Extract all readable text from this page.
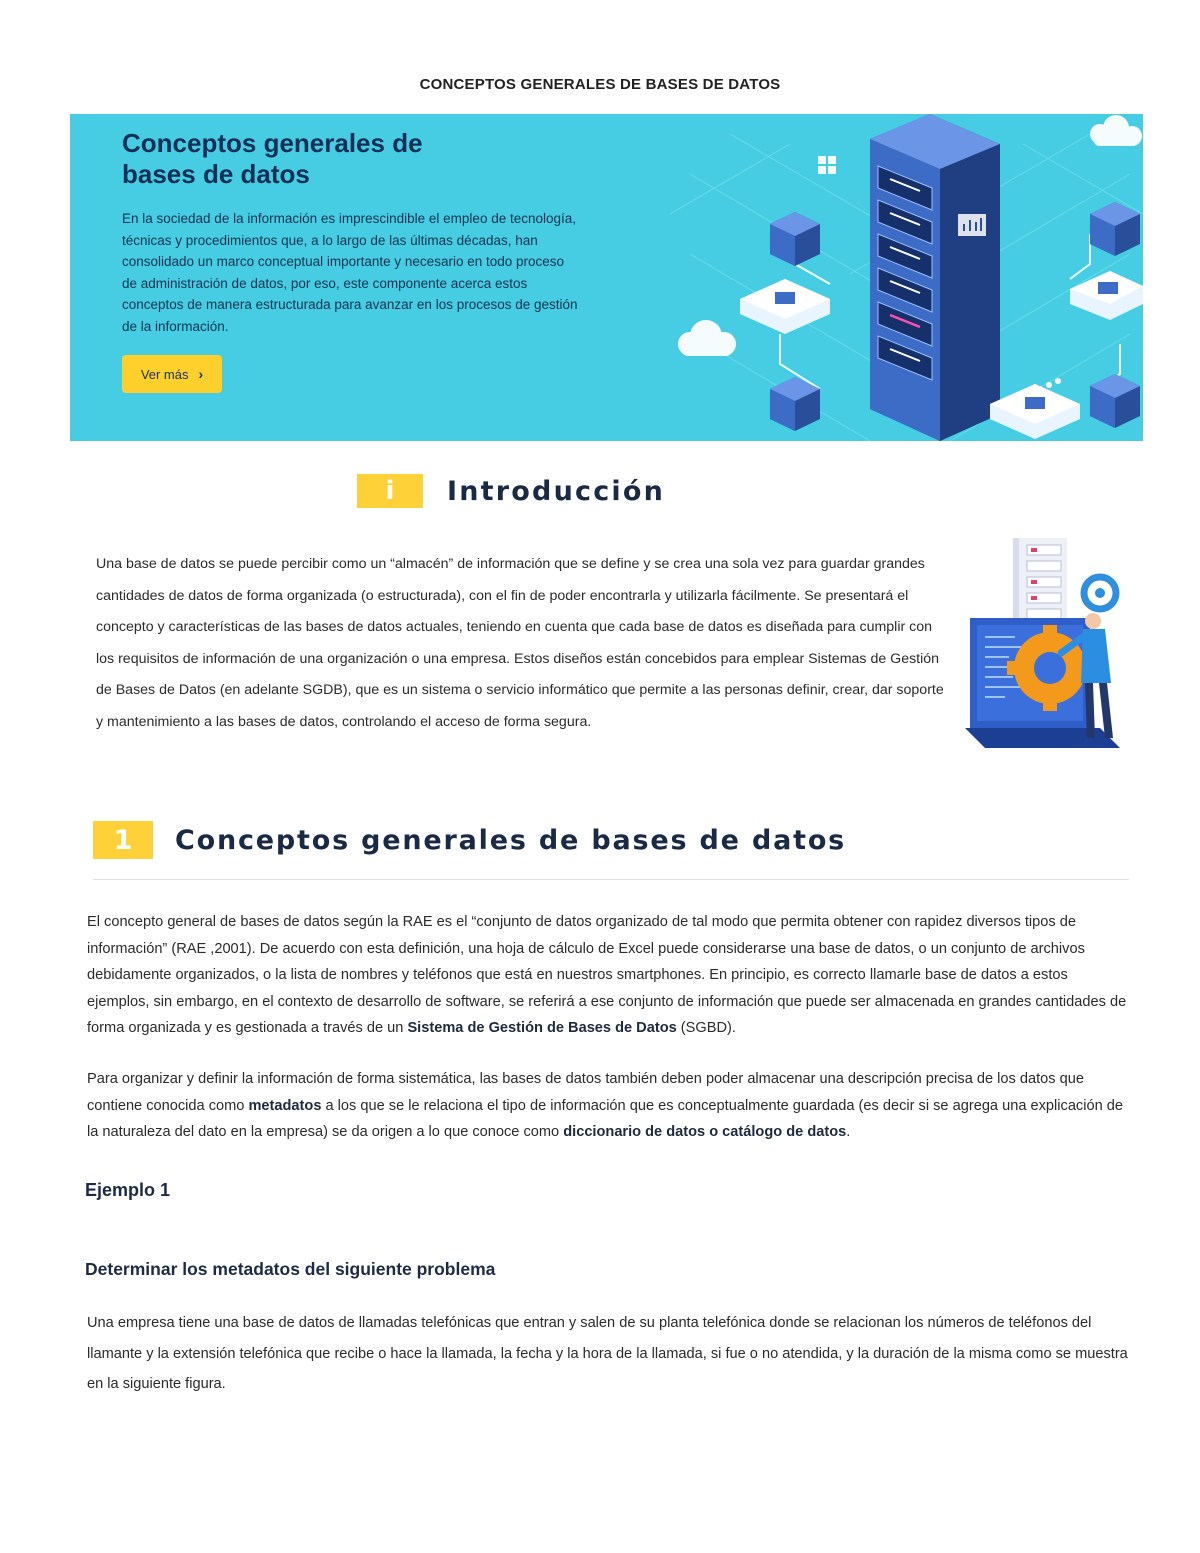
CONCEPTOS GENERALES DE BASES DE DATOS
Conceptos generales de
bases de datos
En la sociedad de la información es imprescindible el empleo de tecnología, técnicas y procedimientos que, a lo largo de las últimas décadas, han consolidado un marco conceptual importante y necesario en todo proceso de administración de datos, por eso, este componente acerca estos conceptos de manera estructurada para avanzar en los procesos de gestión de la información.
Ver más ›
i	Introducción
Una base de datos se puede percibir como un “almacén” de información que se define y se crea una sola vez para guardar grandes cantidades de datos de forma organizada (o estructurada), con el fin de poder encontrarla y utilizarla fácilmente. Se presentará el concepto y características de las bases de datos actuales, teniendo en cuenta que cada base de datos es diseñada para cumplir con los requisitos de información de una organización o una empresa. Estos diseños están concebidos para emplear Sistemas de Gestión de Bases de Datos (en adelante SGDB), que es un sistema o servicio informático que permite a las personas definir, crear, dar soporte y mantenimiento a las bases de datos, controlando el acceso de forma segura.
1	Conceptos generales de bases de datos
El concepto general de bases de datos según la RAE es el “conjunto de datos organizado de tal modo que permita obtener con rapidez diversos tipos de información” (RAE ,2001). De acuerdo con esta definición, una hoja de cálculo de Excel puede considerarse una base de datos, o un conjunto de archivos debidamente organizados, o la lista de nombres y teléfonos que está en nuestros smartphones. En principio, es correcto llamarle base de datos a estos ejemplos, sin embargo, en el contexto de desarrollo de software, se referirá a ese conjunto de información que puede ser almacenada en grandes cantidades de forma organizada y es gestionada a través de un Sistema de Gestión de Bases de Datos (SGBD).
Para organizar y definir la información de forma sistemática, las bases de datos también deben poder almacenar una descripción precisa de los datos que contiene conocida como metadatos a los que se le relaciona el tipo de información que es conceptualmente guardada (es decir si se agrega una explicación de la naturaleza del dato en la empresa) se da origen a lo que conoce como diccionario de datos o catálogo de datos.
Ejemplo 1
Determinar los metadatos del siguiente problema
Una empresa tiene una base de datos de llamadas telefónicas que entran y salen de su planta telefónica donde se relacionan los números de teléfonos del llamante y la extensión telefónica que recibe o hace la llamada, la fecha y la hora de la llamada, si fue o no atendida, y la duración de la misma como se muestra en la siguiente figura.
